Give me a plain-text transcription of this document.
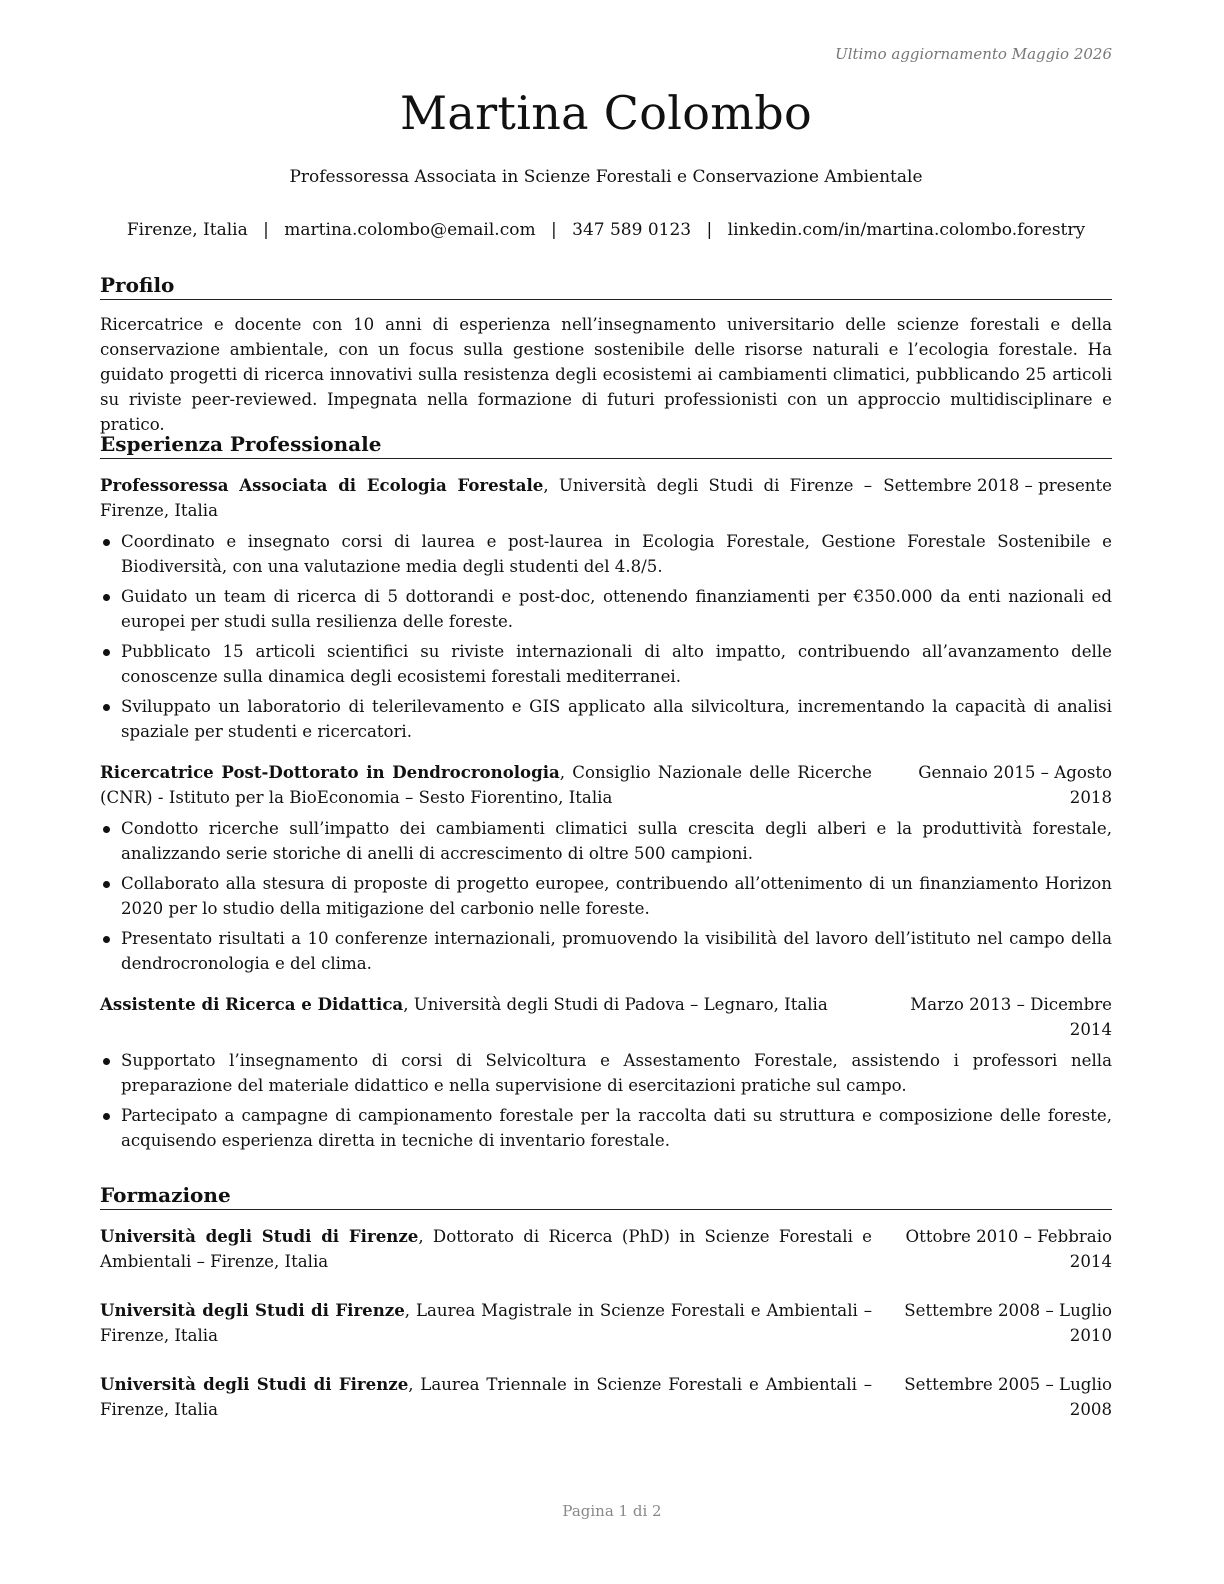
Ultimo aggiornamento Maggio 2026
Martina Colombo
Professoressa Associata in Scienze Forestali e Conservazione Ambientale
Firenze, Italia | martina.colombo@email.com | 347 589 0123 | linkedin.com/in/martina.colombo.forestry
Profilo

Ricercatrice e docente con 10 anni di esperienza nell’insegnamento universitario delle scienze forestali e della conservazione ambientale, con un focus sulla gestione sostenibile delle risorse naturali e l’ecologia forestale. Ha guidato progetti di ricerca innovativi sulla resistenza degli ecosistemi ai cambiamenti climatici, pubblicando 25 articoli su riviste peer-reviewed. Impegnata nella formazione di futuri professionisti con un approccio multidisciplinare e pratico.

Esperienza Professionale
Professoressa Associata di Ecologia Forestale, Università degli Studi di Firenze – Firenze, Italia
Settembre 2018 – presente
Coordinato e insegnato corsi di laurea e post-laurea in Ecologia Forestale, Gestione Forestale Sostenibile e Biodiversità, con una valutazione media degli studenti del 4.8/5.
Guidato un team di ricerca di 5 dottorandi e post-doc, ottenendo finanziamenti per €350.000 da enti nazionali ed europei per studi sulla resilienza delle foreste.
Pubblicato 15 articoli scientifici su riviste internazionali di alto impatto, contribuendo all’avanzamento delle conoscenze sulla dinamica degli ecosistemi forestali mediterranei.
Sviluppato un laboratorio di telerilevamento e GIS applicato alla silvicoltura, incrementando la capacità di analisi spaziale per studenti e ricercatori.
Ricercatrice Post-Dottorato in Dendrocronologia, Consiglio Nazionale delle Ricerche (CNR) - Istituto per la BioEconomia – Sesto Fiorentino, Italia
Gennaio 2015 – Agosto 2018
Condotto ricerche sull’impatto dei cambiamenti climatici sulla crescita degli alberi e la produttività forestale, analizzando serie storiche di anelli di accrescimento di oltre 500 campioni.
Collaborato alla stesura di proposte di progetto europee, contribuendo all’ottenimento di un finanziamento Horizon 2020 per lo studio della mitigazione del carbonio nelle foreste.
Presentato risultati a 10 conferenze internazionali, promuovendo la visibilità del lavoro dell’istituto nel campo della dendrocronologia e del clima.
Assistente di Ricerca e Didattica, Università degli Studi di Padova – Legnaro, Italia	Marzo 2013 – Dicembre 2014
Supportato l’insegnamento di corsi di Selvicoltura e Assestamento Forestale, assistendo i professori nella preparazione del materiale didattico e nella supervisione di esercitazioni pratiche sul campo.
Partecipato a campagne di campionamento forestale per la raccolta dati su struttura e composizione delle foreste, acquisendo esperienza diretta in tecniche di inventario forestale.
Formazione
Università degli Studi di Firenze, Dottorato di Ricerca (PhD) in Scienze Forestali e Ambientali – Firenze, Italia
Ottobre 2010 – Febbraio 2014
Università degli Studi di Firenze, Laurea Magistrale in Scienze Forestali e Ambientali – Firenze, Italia
Settembre 2008 – Luglio 2010
Università degli Studi di Firenze, Laurea Triennale in Scienze Forestali e Ambientali – Firenze, Italia
Settembre 2005 – Luglio 2008
Pagina 1 di 2
